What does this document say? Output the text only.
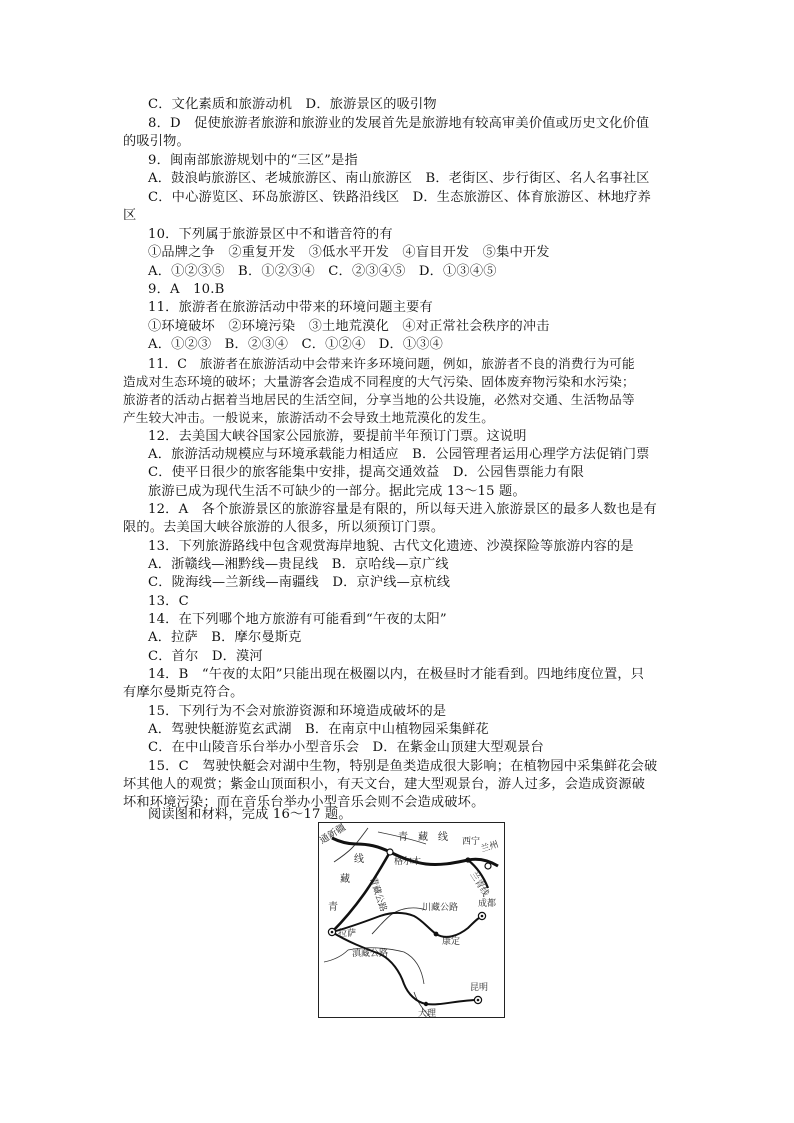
C．文化素质和旅游动机　D．旅游景区的吸引物
8．D　促使旅游者旅游和旅游业的发展首先是旅游地有较高审美价值或历史文化价值
的吸引物。
9．闽南部旅游规划中的“三区”是指
A．鼓浪屿旅游区、老城旅游区、南山旅游区　B．老街区、步行街区、名人名事社区
C．中心游览区、环岛旅游区、铁路沿线区　D．生态旅游区、体育旅游区、林地疗养
区
10．下列属于旅游景区中不和谐音符的有
①品牌之争　②重复开发　③低水平开发　④盲目开发　⑤集中开发
A．①②③⑤　B．①②③④　C．②③④⑤　D．①③④⑤
9．A　10.B
11．旅游者在旅游活动中带来的环境问题主要有
①环境破坏　②环境污染　③土地荒漠化　④对正常社会秩序的冲击
A．①②③　B．②③④　C．①②④　D．①③④
11．C　旅游者在旅游活动中会带来许多环境问题，例如，旅游者不良的消费行为可能
造成对生态环境的破坏；大量游客会造成不同程度的大气污染、固体废弃物污染和水污染；
旅游者的活动占据着当地居民的生活空间，分享当地的公共设施，必然对交通、生活物品等
产生较大冲击。一般说来，旅游活动不会导致土地荒漠化的发生。
12．去美国大峡谷国家公园旅游，要提前半年预订门票。这说明
A．旅游活动规模应与环境承载能力相适应　B．公园管理者运用心理学方法促销门票
C．使平日很少的旅客能集中安排，提高交通效益　D．公园售票能力有限
旅游已成为现代生活不可缺少的一部分。据此完成 13～15 题。
12．A　各个旅游景区的旅游容量是有限的，所以每天进入旅游景区的最多人数也是有
限的。去美国大峡谷旅游的人很多，所以须预订门票。
13．下列旅游路线中包含观赏海岸地貌、古代文化遗迹、沙漠探险等旅游内容的是
A．浙赣线—湘黔线—贵昆线　B．京哈线—京广线
C．陇海线—兰新线—南疆线　D．京沪线—京杭线
13．C
14．在下列哪个地方旅游有可能看到“午夜的太阳”
A．拉萨　B．摩尔曼斯克
C．首尔　D．漠河
14．B　“午夜的太阳”只能出现在极圈以内，在极昼时才能看到。四地纬度位置，只
有摩尔曼斯克符合。
15．下列行为不会对旅游资源和环境造成破坏的是
A．驾驶快艇游览玄武湖　B．在南京中山植物园采集鲜花
C．在中山陵音乐台举办小型音乐会　D．在紫金山顶建大型观景台
15．C　驾驶快艇会对湖中生物，特别是鱼类造成很大影响；在植物园中采集鲜花会破
坏其他人的观赏；紫金山顶面积小，有天文台，建大型观景台，游人过多，会造成资源破
坏和环境污染；而在音乐台举办小型音乐会则不会造成破坏。
阅读图和材料，完成 16～17 题。
通新疆	青　藏　线 西宁 兰州
格尔木
兰青线
线
藏 青藏公路
青	川藏公路 成都
拉萨
康定
滇藏公路
大理
昆明
